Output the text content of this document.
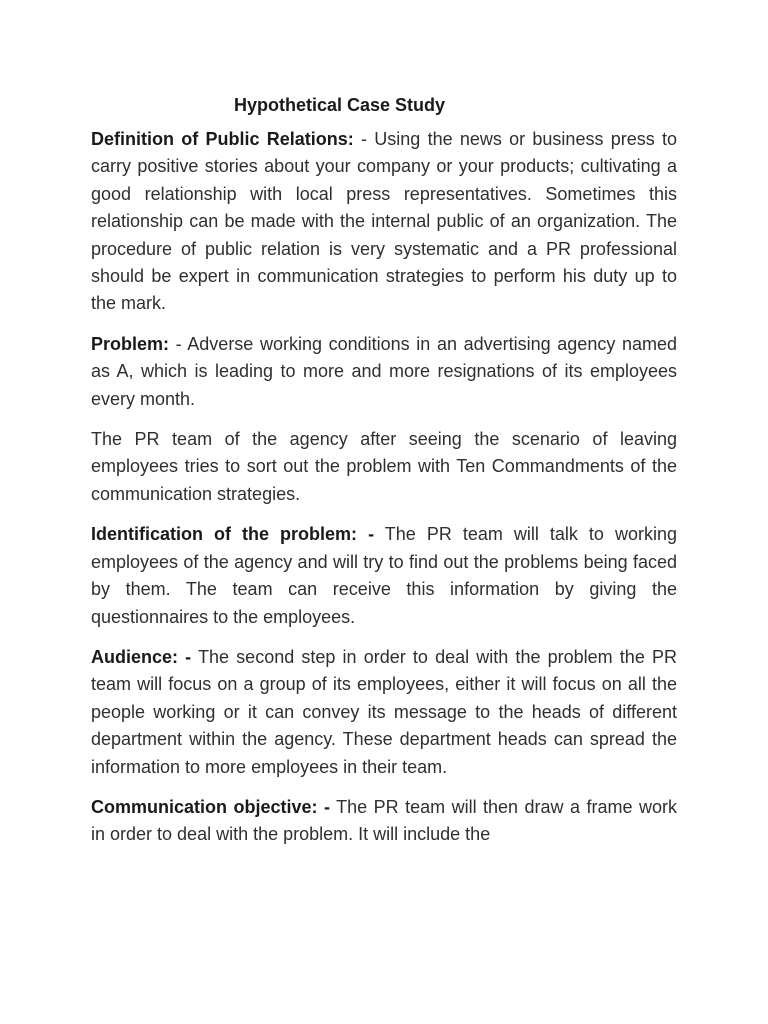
Hypothetical Case Study

Definition of Public Relations: - Using the news or business press to carry positive stories about your company or your products; cultivating a good relationship with local press representatives. Sometimes this relationship can be made with the internal public of an organization. The procedure of public relation is very systematic and a PR professional should be expert in communication strategies to perform his duty up to the mark.

Problem: - Adverse working conditions in an advertising agency named as A, which is leading to more and more resignations of its employees every month.

The PR team of the agency after seeing the scenario of leaving employees tries to sort out the problem with Ten Commandments of the communication strategies.

Identification of the problem: - The PR team will talk to working employees of the agency and will try to find out the problems being faced by them. The team can receive this information by giving the questionnaires to the employees.

Audience: - The second step in order to deal with the problem the PR team will focus on a group of its employees, either it will focus on all the people working or it can convey its message to the heads of different department within the agency. These department heads can spread the information to more employees in their team.

Communication objective: - The PR team will then draw a frame work in order to deal with the problem. It will include the
